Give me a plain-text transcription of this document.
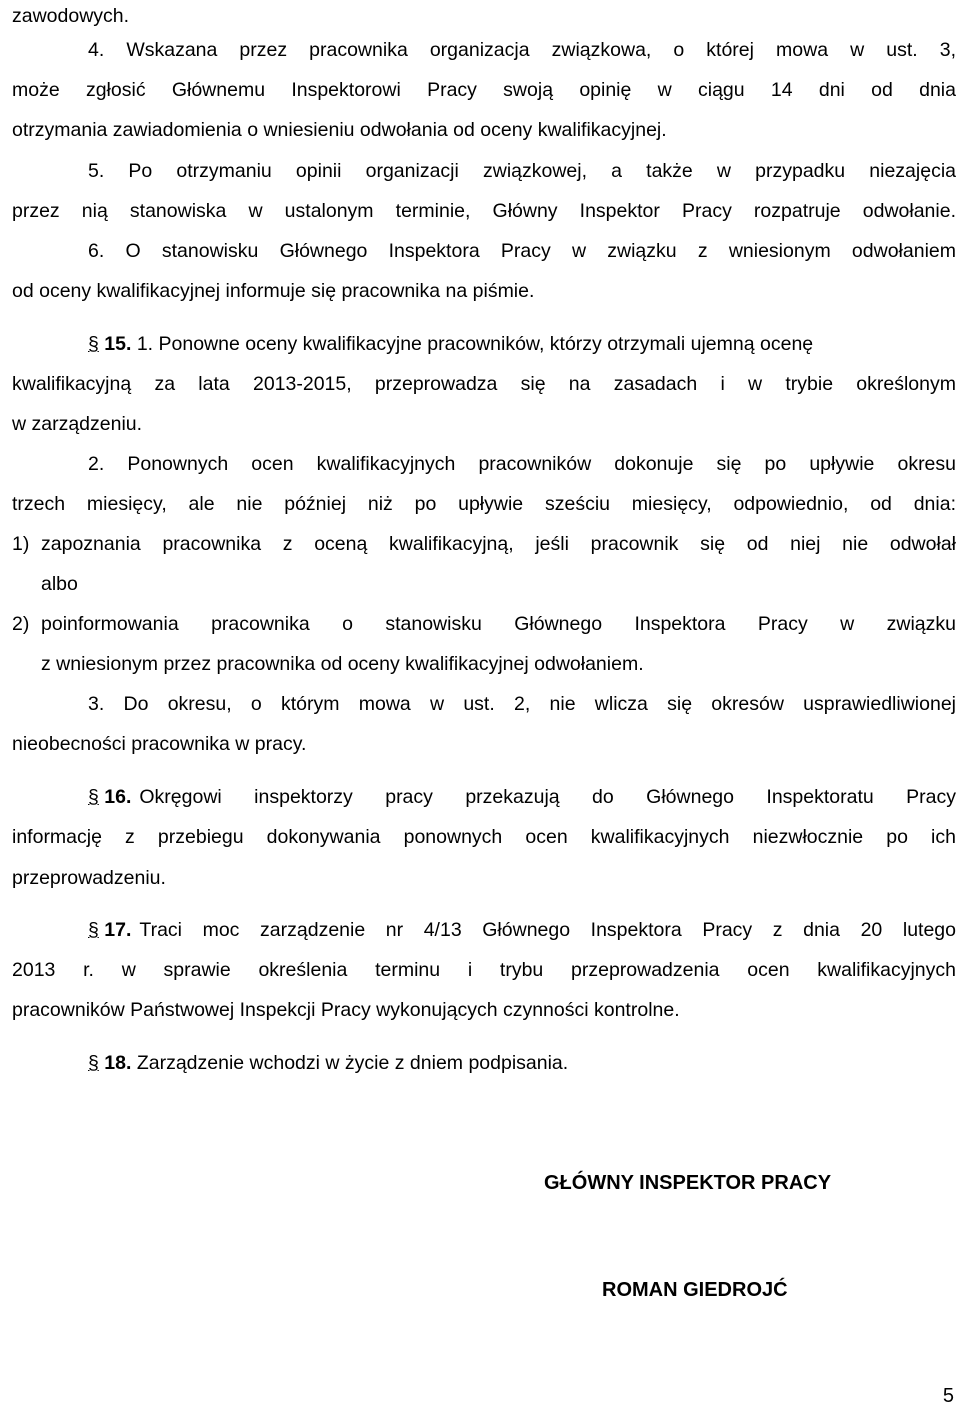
zawodowych.
4. Wskazana przez pracownika organizacja związkowa, o której mowa w ust. 3,
może zgłosić Głównemu Inspektorowi Pracy swoją opinię w ciągu 14 dni od dnia
otrzymania zawiadomienia o wniesieniu odwołania od oceny kwalifikacyjnej.
5. Po otrzymaniu opinii organizacji związkowej, a także w przypadku niezajęcia
przez nią stanowiska w ustalonym terminie, Główny Inspektor Pracy rozpatruje odwołanie.
6. O stanowisku Głównego Inspektora Pracy w związku z wniesionym odwołaniem
od oceny kwalifikacyjnej informuje się pracownika na piśmie.
§ 15. 1. Ponowne oceny kwalifikacyjne pracowników, którzy otrzymali ujemną ocenę
kwalifikacyjną za lata 2013-2015, przeprowadza się na zasadach i w trybie określonym
w zarządzeniu.
2. Ponownych ocen kwalifikacyjnych pracowników dokonuje się po upływie okresu
trzech miesięcy, ale nie później niż po upływie sześciu miesięcy, odpowiednio, od dnia:
1) zapoznania pracownika z oceną kwalifikacyjną, jeśli pracownik się od niej nie odwołał
albo
2) poinformowania pracownika o stanowisku Głównego Inspektora Pracy w związku
z wniesionym przez pracownika od oceny kwalifikacyjnej odwołaniem.
3. Do okresu, o którym mowa w ust. 2, nie wlicza się okresów usprawiedliwionej
nieobecności pracownika w pracy.
§ 16. Okręgowi inspektorzy pracy przekazują do Głównego Inspektoratu Pracy
informację z przebiegu dokonywania ponownych ocen kwalifikacyjnych niezwłocznie po ich
przeprowadzeniu.
§ 17. Traci moc zarządzenie nr 4/13 Głównego Inspektora Pracy z dnia 20 lutego
2013 r. w sprawie określenia terminu i trybu przeprowadzenia ocen kwalifikacyjnych
pracowników Państwowej Inspekcji Pracy wykonujących czynności kontrolne.
§ 18. Zarządzenie wchodzi w życie z dniem podpisania.
GŁÓWNY INSPEKTOR PRACY
ROMAN GIEDROJĆ
5
